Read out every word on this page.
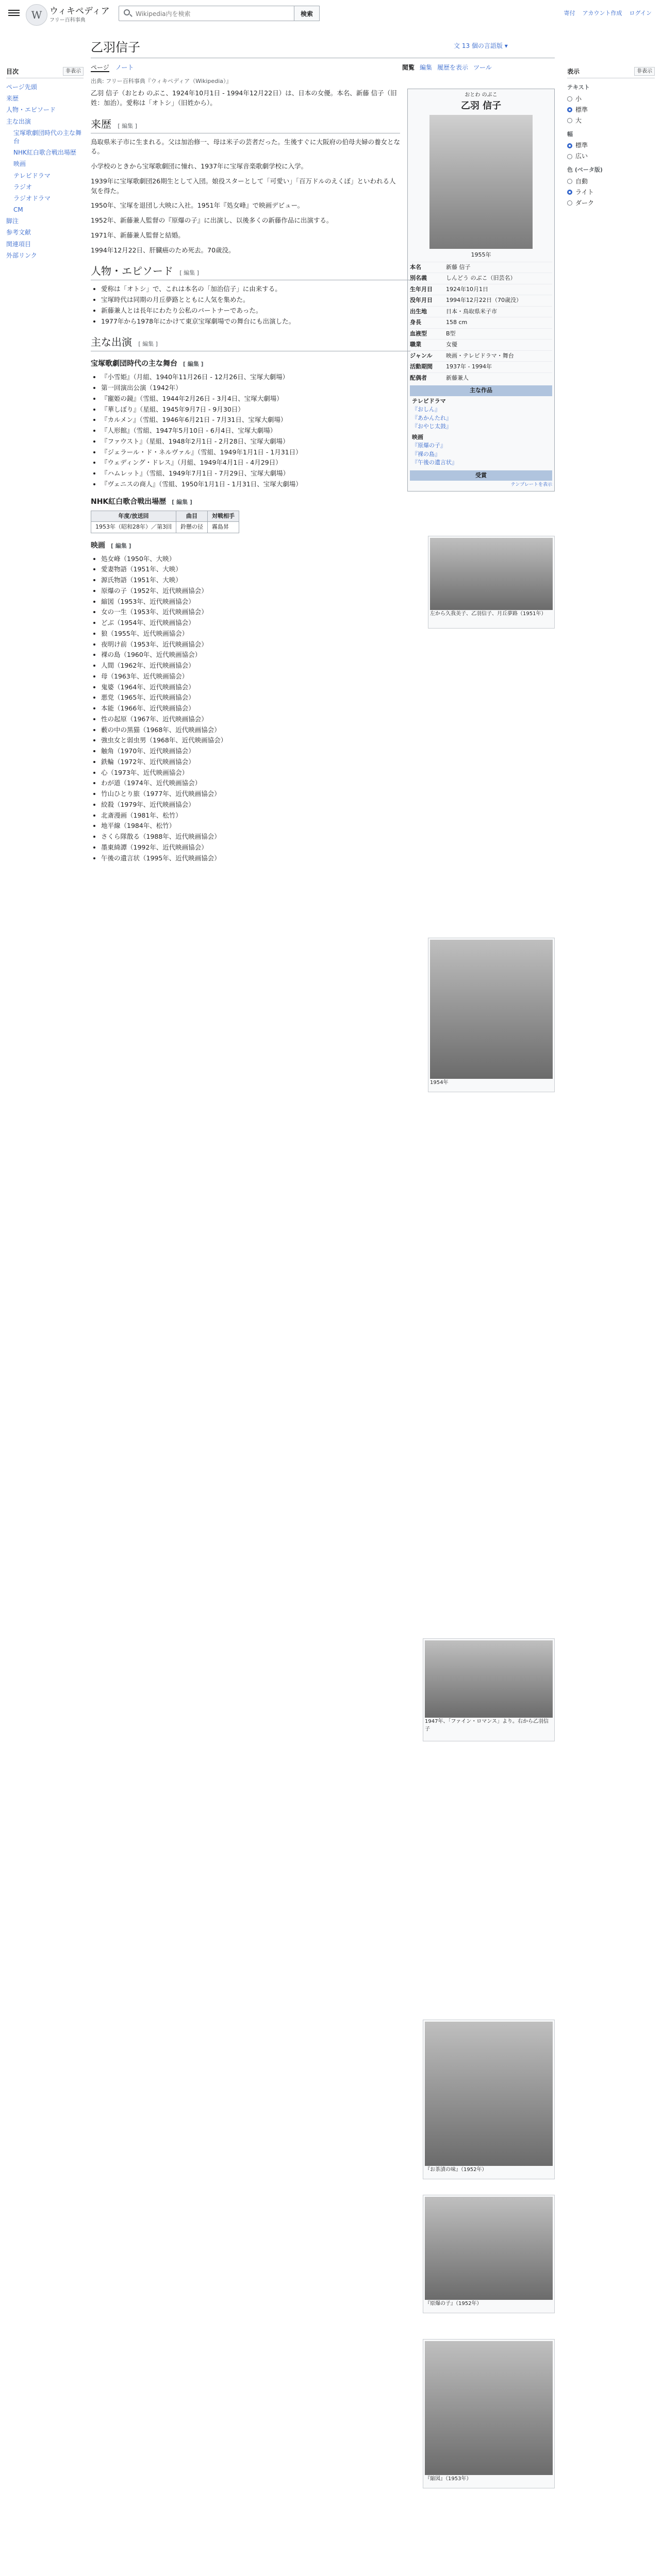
W ウィキペディア
フリー百科事典
Wikipedia内を検索
検索	寄付 アカウント作成 ログイン
目次	非表示
ページ先頭
来歴
人物・エピソード
主な出演
宝塚歌劇団時代の主な舞台
NHK紅白歌合戦出場歴
映画
テレビドラマ
ラジオ
ラジオドラマ
CM
脚注
参考文献
関連項目
外部リンク
乙羽信子	文 13 個の言語版 ▾
ページ ノート	閲覧 編集 履歴を表示 ツール
出典: フリー百科事典『ウィキペディア（Wikipedia）』
表示	非表示
テキスト
小
標準
大
幅
標準
広い
色 (ベータ版)
自動
ライト
ダーク
おとわ のぶこ
乙羽 信子
1955年
本名	新藤 信子
別名義	しんどう のぶこ（旧芸名）
生年月日	1924年10月1日
没年月日	1994年12月22日（70歳没）
出生地	日本・鳥取県米子市
身長	158 cm
血液型	B型
職業	女優
ジャンル	映画・テレビドラマ・舞台
活動期間	1937年 - 1994年
配偶者	新藤兼人
主な作品
テレビドラマ
『おしん』
『あかんたれ』
『おやじ太鼓』
映画
『原爆の子』
『裸の島』
『午後の遺言状』
受賞
テンプレートを表示
左から久我美子、乙羽信子、月丘夢路（1951年）
1954年
1947年、「ファイン・ロマンス」より。右から乙羽信子
『お茶漬の味』（1952年）
『原爆の子』（1952年）
『縮図』（1953年）

乙羽 信子（おとわ のぶこ、1924年10月1日 - 1994年12月22日）は、日本の女優。本名、新藤 信子（旧姓：加治）。愛称は「オトシ」（旧姓から）。

来歴 [ 編集 ]

鳥取県米子市に生まれる。父は加治修一、母は米子の芸者だった。生後すぐに大阪府の伯母夫婦の養女となる。

小学校のときから宝塚歌劇団に憧れ、1937年に宝塚音楽歌劇学校に入学。

1939年に宝塚歌劇団26期生として入団。娘役スターとして「可愛い」「百万ドルのえくぼ」といわれる人気を得た。

1950年、宝塚を退団し大映に入社。1951年『処女峰』で映画デビュー。

1952年、新藤兼人監督の『原爆の子』に出演し、以後多くの新藤作品に出演する。

1971年、新藤兼人監督と結婚。

1994年12月22日、肝臓癌のため死去。70歳没。

人物・エピソード [ 編集 ]
• 愛称は「オトシ」で、これは本名の「加治信子」に由来する。
• 宝塚時代は同期の月丘夢路とともに人気を集めた。
• 新藤兼人とは長年にわたり公私のパートナーであった。
• 1977年から1978年にかけて東京宝塚劇場での舞台にも出演した。
主な出演 [ 編集 ]
宝塚歌劇団時代の主な舞台 [ 編集 ]
• 『小雪姫』（月組、1940年11月26日 - 12月26日、宝塚大劇場）
• 第一回演出公演（1942年）
• 『寵姫の鏡』（雪組、1944年2月26日 - 3月4日、宝塚大劇場）
• 『華しぼり』（星組、1945年9月7日 - 9月30日）
• 『カルメン』（雪組、1946年6月21日 - 7月31日、宝塚大劇場）
• 『人形館』（雪組、1947年5月10日 - 6月4日、宝塚大劇場）
• 『ファウスト』（星組、1948年2月1日 - 2月28日、宝塚大劇場）
• 『ジェラール・ド・ネルヴァル』（雪組、1949年1月1日 - 1月31日）
• 『ウェディング・ドレス』（月組、1949年4月1日 - 4月29日）
• 『ハムレット』（雪組、1949年7月1日 - 7月29日、宝塚大劇場）
• 『ヴェニスの商人』（雪組、1950年1月1日 - 1月31日、宝塚大劇場）
NHK紅白歌合戦出場歴 [ 編集 ]
年度/放送回	曲目	対戦相手
1953年（昭和28年）／第3回	鈴懸の径	霧島昇
映画 [ 編集 ]
• 処女峰（1950年、大映）
• 愛妻物語（1951年、大映）
• 源氏物語（1951年、大映）
• 原爆の子（1952年、近代映画協会）
• 縮図（1953年、近代映画協会）
• 女の一生（1953年、近代映画協会）
• どぶ（1954年、近代映画協会）
• 狼（1955年、近代映画協会）
• 夜明け前（1953年、近代映画協会）
• 裸の島（1960年、近代映画協会）
• 人間（1962年、近代映画協会）
• 母（1963年、近代映画協会）
• 鬼婆（1964年、近代映画協会）
• 悪党（1965年、近代映画協会）
• 本能（1966年、近代映画協会）
• 性の起原（1967年、近代映画協会）
• 藪の中の黒猫（1968年、近代映画協会）
• 強虫女と弱虫男（1968年、近代映画協会）
• 触角（1970年、近代映画協会）
• 鉄輪（1972年、近代映画協会）
• 心（1973年、近代映画協会）
• わが道（1974年、近代映画協会）
• 竹山ひとり旅（1977年、近代映画協会）
• 絞殺（1979年、近代映画協会）
• 北斎漫画（1981年、松竹）
• 地平線（1984年、松竹）
• さくら隊散る（1988年、近代映画協会）
• 墨東綺譚（1992年、近代映画協会）
• 午後の遺言状（1995年、近代映画協会）
